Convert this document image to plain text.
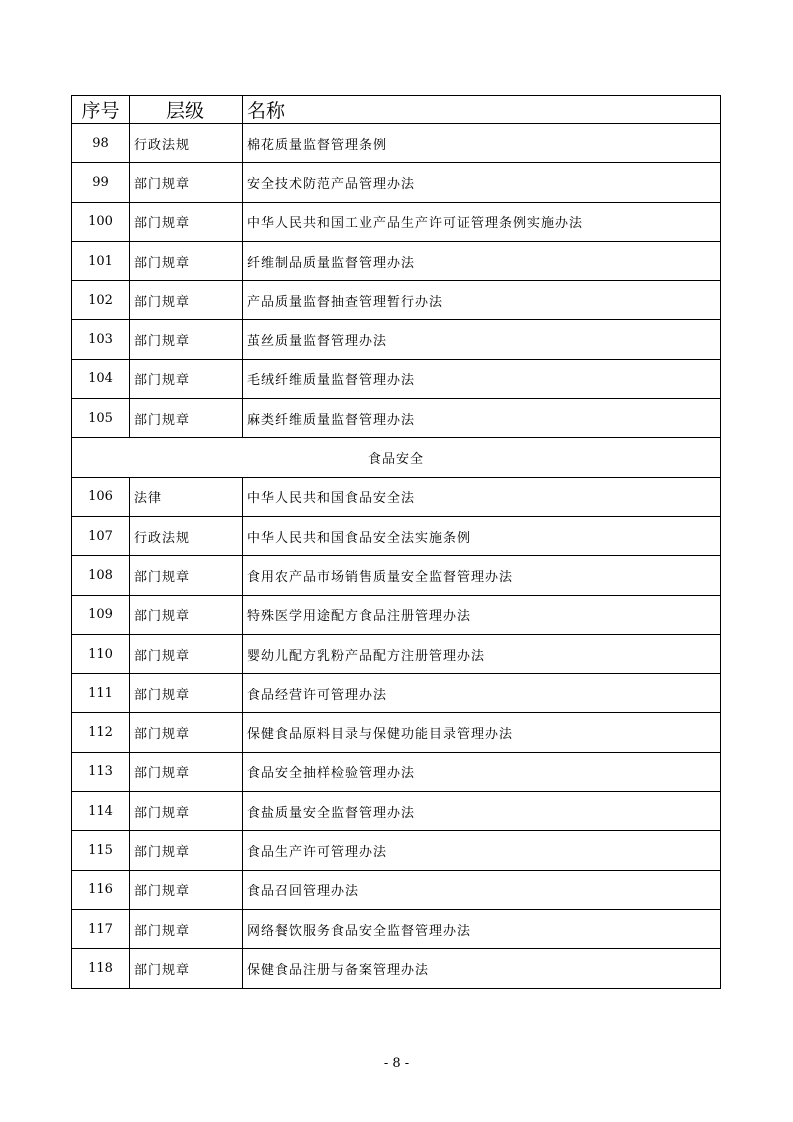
序号	层级	名称
98	行政法规	棉花质量监督管理条例
99	部门规章	安全技术防范产品管理办法
100	部门规章	中华人民共和国工业产品生产许可证管理条例实施办法
101	部门规章	纤维制品质量监督管理办法
102	部门规章	产品质量监督抽查管理暂行办法
103	部门规章	茧丝质量监督管理办法
104	部门规章	毛绒纤维质量监督管理办法
105	部门规章	麻类纤维质量监督管理办法
食品安全		
106	法律	中华人民共和国食品安全法
107	行政法规	中华人民共和国食品安全法实施条例
108	部门规章	食用农产品市场销售质量安全监督管理办法
109	部门规章	特殊医学用途配方食品注册管理办法
110	部门规章	婴幼儿配方乳粉产品配方注册管理办法
111	部门规章	食品经营许可管理办法
112	部门规章	保健食品原料目录与保健功能目录管理办法
113	部门规章	食品安全抽样检验管理办法
114	部门规章	食盐质量安全监督管理办法
115	部门规章	食品生产许可管理办法
116	部门规章	食品召回管理办法
117	部门规章	网络餐饮服务食品安全监督管理办法
118	部门规章	保健食品注册与备案管理办法
- 8 -
